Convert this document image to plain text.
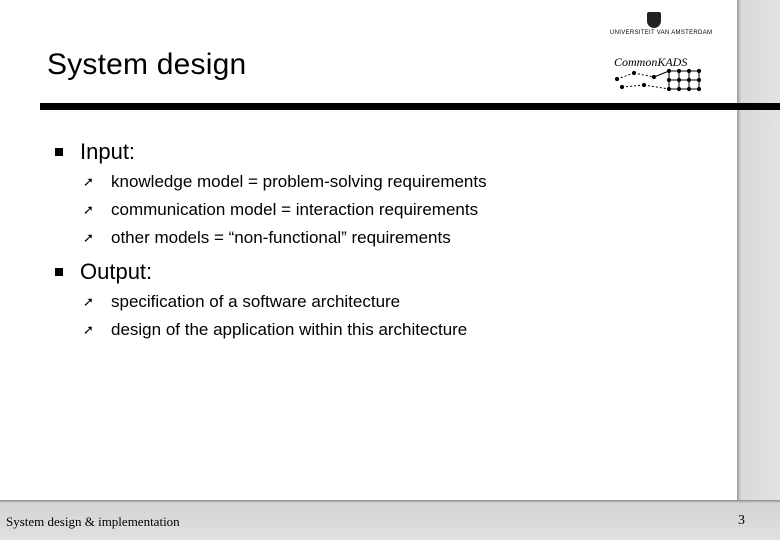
UNIVERSITEIT VAN AMSTERDAM
CommonKADS
System design
Input:
➚	knowledge model = problem-solving requirements
➚	communication model = interaction requirements
➚	other models = “non-functional” requirements
Output:
➚	specification of a software architecture
➚	design of the application within this architecture
System design & implementation	3
